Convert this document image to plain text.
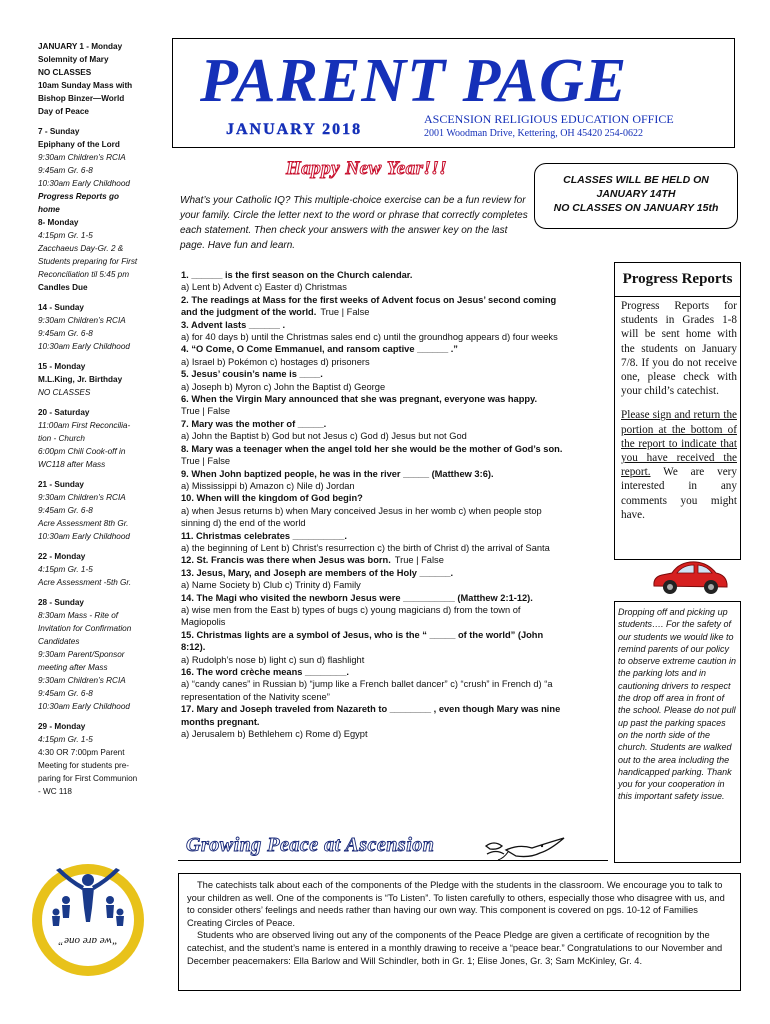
JANUARY 1 - Monday
Solemnity of Mary
NO CLASSES
10am Sunday Mass with
Bishop Binzer—World
Day of Peace
7 - Sunday
Epiphany of the Lord
9:30am Children’s RCIA
9:45am Gr. 6-8
10:30am Early Childhood
Progress Reports go
home
8- Monday
4:15pm Gr. 1-5
Zacchaeus Day-Gr. 2 &
Students preparing for First
Reconciliation til 5:45 pm
Candles Due
14 - Sunday
9:30am Children’s RCIA
9:45am Gr. 6-8
10:30am Early Childhood
15 - Monday
M.L.King, Jr. Birthday
NO CLASSES
20 - Saturday
11:00am First Reconcilia-
tion - Church
6:00pm Chili Cook-off in
WC118 after Mass
21 - Sunday
9:30am Children’s RCIA
9:45am Gr. 6-8
Acre Assessment 8th Gr.
10:30am Early Childhood
22 - Monday
4:15pm Gr. 1-5
Acre Assessment -5th Gr.
28 - Sunday
8:30am Mass - Rite of
Invitation for Confirmation
Candidates
9:30am Parent/Sponsor
meeting after Mass
9:30am Children’s RCIA
9:45am Gr. 6-8
10:30am Early Childhood
29 - Monday
4:15pm Gr. 1-5
4:30 OR 7:00pm Parent
Meeting for students pre-
paring for First Communion
- WC 118
PARENT PAGE
JANUARY 2018
ASCENSION RELIGIOUS EDUCATION OFFICE
2001 Woodman Drive, Kettering, OH 45420 254-0622
Happy New Year!!!
CLASSES WILL BE HELD ON
JANUARY 14TH
NO CLASSES ON JANUARY 15th
What’s your Catholic IQ? This multiple-choice exercise can be a fun review for your family. Circle the letter next to the word or phrase that correctly completes each statement. Then check your answers with the answer key on the last page. Have fun and learn.
1. ______ is the first season on the Church calendar.
a) Lent b) Advent c) Easter d) Christmas
2. The readings at Mass for the first weeks of Advent focus on Jesus’ second coming and the judgment of the world. True | False

3. Advent lasts ______ .
a) for 40 days b) until the Christmas sales end c) until the groundhog appears d) four weeks
4. “O Come, O Come Emmanuel, and ransom captive ______ .”
a) Israel b) Pokémon c) hostages d) prisoners
5. Jesus’ cousin’s name is ____.
a) Joseph b) Myron c) John the Baptist d) George
6. When the Virgin Mary announced that she was pregnant, everyone was happy.
True | False
7. Mary was the mother of _____.
a) John the Baptist b) God but not Jesus c) God d) Jesus but not God
8. Mary was a teenager when the angel told her she would be the mother of God’s son.
True | False
9. When John baptized people, he was in the river _____ (Matthew 3:6).
a) Mississippi b) Amazon c) Nile d) Jordan
10. When will the kingdom of God begin?
a) when Jesus returns b) when Mary conceived Jesus in her womb c) when people stop sinning d) the end of the world
11. Christmas celebrates __________.
a) the beginning of Lent b) Christ’s resurrection c) the birth of Christ d) the arrival of Santa
12. St. Francis was there when Jesus was born. True | False

13. Jesus, Mary, and Joseph are members of the Holy ______.
a) Name Society b) Club c) Trinity d) Family
14. The Magi who visited the newborn Jesus were __________ (Matthew 2:1-12).
a) wise men from the East b) types of bugs c) young magicians d) from the town of Magiopolis
15. Christmas lights are a symbol of Jesus, who is the “ _____ of the world” (John 8:12).
a) Rudolph’s nose b) light c) sun d) flashlight
16. The word crèche means ________.
a) “candy canes” in Russian b) “jump like a French ballet dancer” c) “crush” in French d) “a representation of the Nativity scene”
17. Mary and Joseph traveled from Nazareth to ________ , even though Mary was nine months pregnant.
a) Jerusalem b) Bethlehem c) Rome d) Egypt
Progress Reports

Progress Reports for students in Grades 1-8 will be sent home with the students on January 7/8. If you do not receive one, please check with your child’s catechist.

Please sign and return the portion at the bottom of the report to indicate that you have received the report. We are very interested in any comments you might have.

Dropping off and picking up students…. For the safety of our students we would like to remind parents of our policy to observe extreme caution in the parking lots and in cautioning drivers to respect the drop off area in front of the school. Please do not pull up past the parking spaces on the north side of the church. Students are walked out to the area including the handicapped parking. Thank you for your cooperation in this important safety issue.
Growing Peace at Ascension

The catechists talk about each of the components of the Pledge with the students in the classroom. We encourage you to talk to your children as well. One of the components is “To Listen”. To listen carefully to others, especially those who disagree with us, and to consider others’ feelings and needs rather than having our own way. This component is covered on pgs. 10-12 of Families Creating Circles of Peace.

Students who are observed living out any of the components of the Peace Pledge are given a certificate of recognition by the catechist, and the student’s name is entered in a monthly drawing to receive a “peace bear.” Congratulations to our November and December peacemakers: Ella Barlow and Will Schindler, both in Gr. 1; Elise Jones, Gr. 3; Sam McKinley, Gr. 4.

“we are one”
